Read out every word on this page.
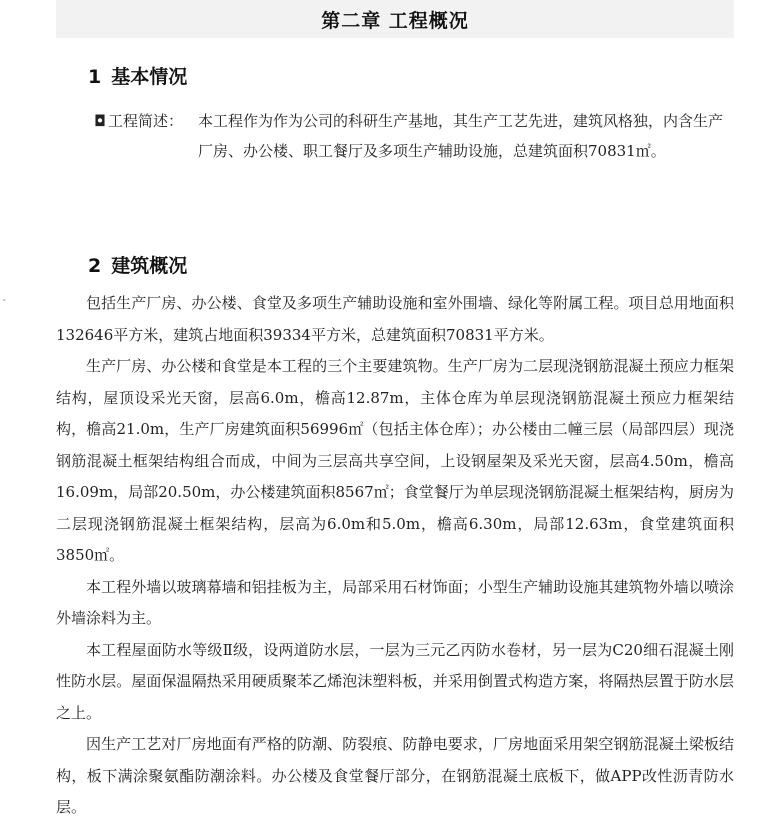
第二章 工程概况
1 基本情况
◘ 工程简述： 本工程作为作为公司的科研生产基地，其生产工艺先进，建筑风格独，内含生产厂房、办公楼、职工餐厅及多项生产辅助设施，总建筑面积70831㎡。
2 建筑概况
ˇ	包括生产厂房、办公楼、食堂及多项生产辅助设施和室外围墙、绿化等附属工程。项目总用地面积132646平方米，建筑占地面积39334平方米，总建筑面积70831平方米。

生产厂房、办公楼和食堂是本工程的三个主要建筑物。生产厂房为二层现浇钢筋混凝土预应力框架结构，屋顶设采光天窗，层高6.0m，檐高12.87m，主体仓库为单层现浇钢筋混凝土预应力框架结构，檐高21.0m，生产厂房建筑面积56996㎡（包括主体仓库）；办公楼由二幢三层（局部四层）现浇钢筋混凝土框架结构组合而成，中间为三层高共享空间，上设钢屋架及采光天窗，层高4.50m，檐高16.09m，局部20.50m，办公楼建筑面积8567㎡；食堂餐厅为单层现浇钢筋混凝土框架结构，厨房为二层现浇钢筋混凝土框架结构，层高为6.0m和5.0m，檐高6.30m，局部12.63m，食堂建筑面积3850㎡。

本工程外墙以玻璃幕墙和铝挂板为主，局部采用石材饰面；小型生产辅助设施其建筑物外墙以喷涂外墙涂料为主。

本工程屋面防水等级Ⅱ级，设两道防水层，一层为三元乙丙防水卷材，另一层为C20细石混凝土刚性防水层。屋面保温隔热采用硬质聚苯乙烯泡沫塑料板，并采用倒置式构造方案，将隔热层置于防水层之上。

因生产工艺对厂房地面有严格的防潮、防裂痕、防静电要求，厂房地面采用架空钢筋混凝土梁板结构，板下满涂聚氨酯防潮涂料。办公楼及食堂餐厅部分，在钢筋混凝土底板下，做APP改性沥青防水层。
